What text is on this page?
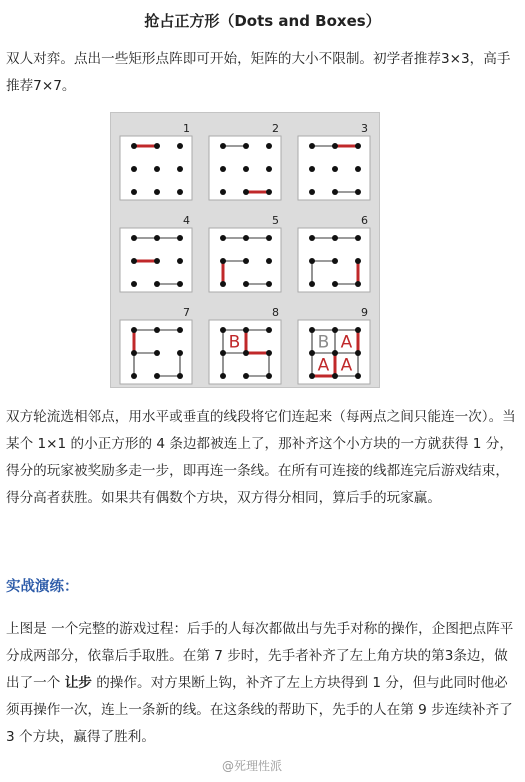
抢占正方形（Dots and Boxes）

双人对弈。点出一些矩形点阵即可开始，矩阵的大小不限制。初学者推荐3×3，高手推荐7×7。

1	2	3
4	5	6
7	8
B
9
B A
A A

双方轮流选相邻点，用水平或垂直的线段将它们连起来（每两点之间只能连一次）。当某个 1×1 的小正方形的 4 条边都被连上了，那补齐这个小方块的一方就获得 1 分，得分的玩家被奖励多走一步，即再连一条线。在所有可连接的线都连完后游戏结束，得分高者获胜。如果共有偶数个方块，双方得分相同，算后手的玩家赢。

实战演练：

上图是 一个完整的游戏过程：后手的人每次都做出与先手对称的操作，企图把点阵平分成两部分，依靠后手取胜。在第 7 步时，先手者补齐了左上角方块的第3条边，做出了一个 让步 的操作。对方果断上钩，补齐了左上方块得到 1 分，但与此同时他必须再操作一次，连上一条新的线。在这条线的帮助下，先手的人在第 9 步连续补齐了 3 个方块，赢得了胜利。

@死理性派
